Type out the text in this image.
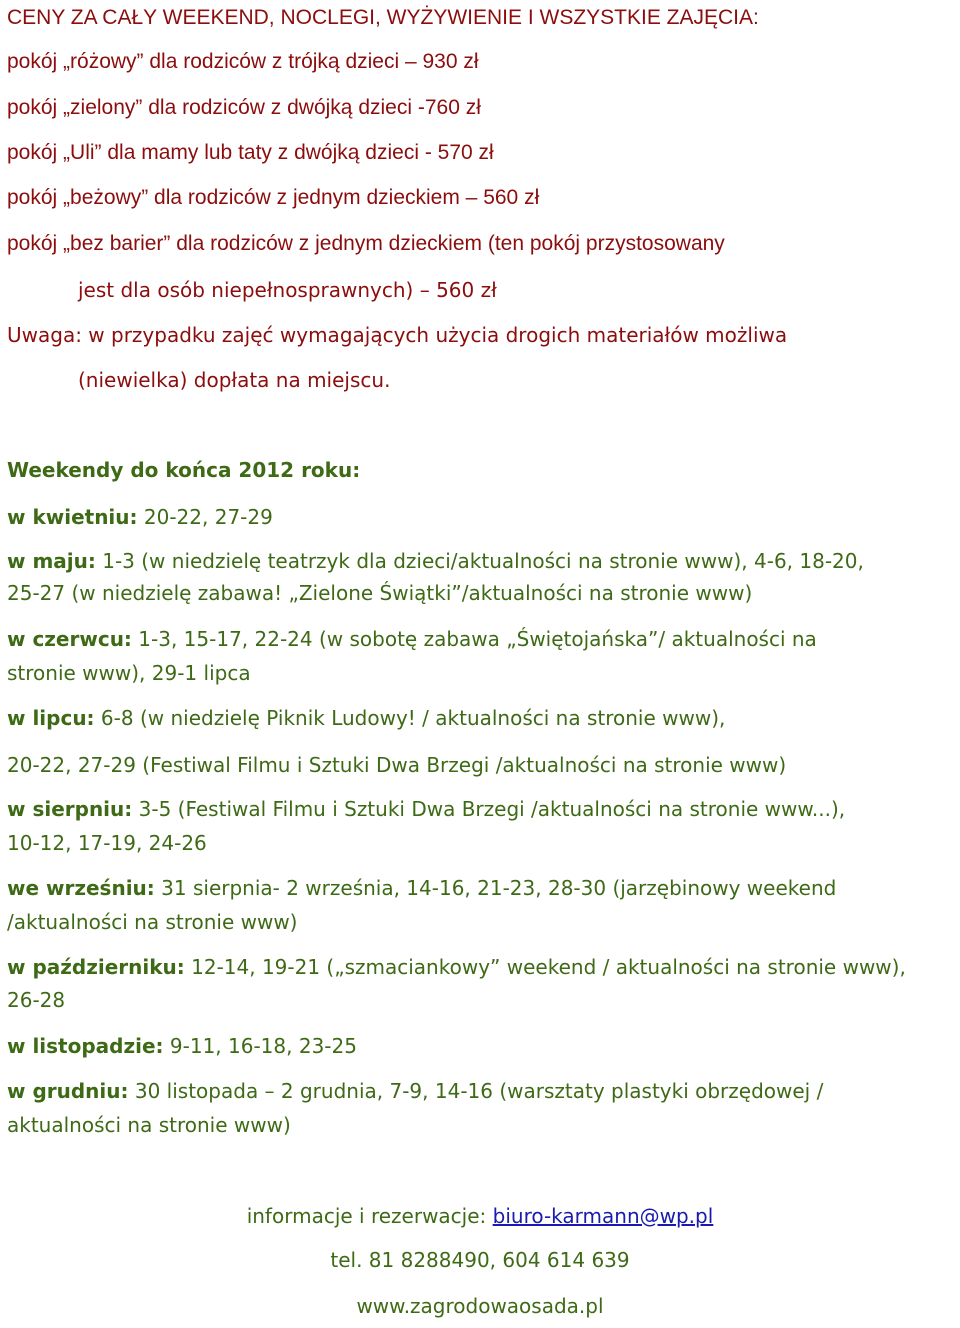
CENY ZA CAŁY WEEKEND, NOCLEGI, WYŻYWIENIE I WSZYSTKIE ZAJĘCIA:
pokój „różowy” dla rodziców z trójką dzieci – 930 zł
pokój „zielony” dla rodziców z dwójką dzieci -760 zł
pokój „Uli” dla mamy lub taty z dwójką dzieci - 570 zł
pokój „beżowy” dla rodziców z jednym dzieckiem – 560 zł
pokój „bez barier” dla rodziców z jednym dzieckiem (ten pokój przystosowany
jest dla osób niepełnosprawnych) – 560 zł
Uwaga: w przypadku zajęć wymagających użycia drogich materiałów możliwa
(niewielka) dopłata na miejscu.
Weekendy do końca 2012 roku:
w kwietniu: 20-22, 27-29
w maju: 1-3 (w niedzielę teatrzyk dla dzieci/aktualności na stronie www), 4-6, 18-20,
25-27 (w niedzielę zabawa! „Zielone Świątki”/aktualności na stronie www)
w czerwcu: 1-3, 15-17, 22-24 (w sobotę zabawa „Świętojańska”/ aktualności na
stronie www), 29-1 lipca
w lipcu: 6-8 (w niedzielę Piknik Ludowy! / aktualności na stronie www),
20-22, 27-29 (Festiwal Filmu i Sztuki Dwa Brzegi /aktualności na stronie www)
w sierpniu: 3-5 (Festiwal Filmu i Sztuki Dwa Brzegi /aktualności na stronie www...),
10-12, 17-19, 24-26
we wrześniu: 31 sierpnia- 2 września, 14-16, 21-23, 28-30 (jarzębinowy weekend
/aktualności na stronie www)
w październiku: 12-14, 19-21 („szmaciankowy” weekend / aktualności na stronie www),
26-28
w listopadzie: 9-11, 16-18, 23-25
w grudniu: 30 listopada – 2 grudnia, 7-9, 14-16 (warsztaty plastyki obrzędowej /
aktualności na stronie www)
informacje i rezerwacje: biuro-karmann@wp.pl
tel. 81 8288490, 604 614 639
www.zagrodowaosada.pl
